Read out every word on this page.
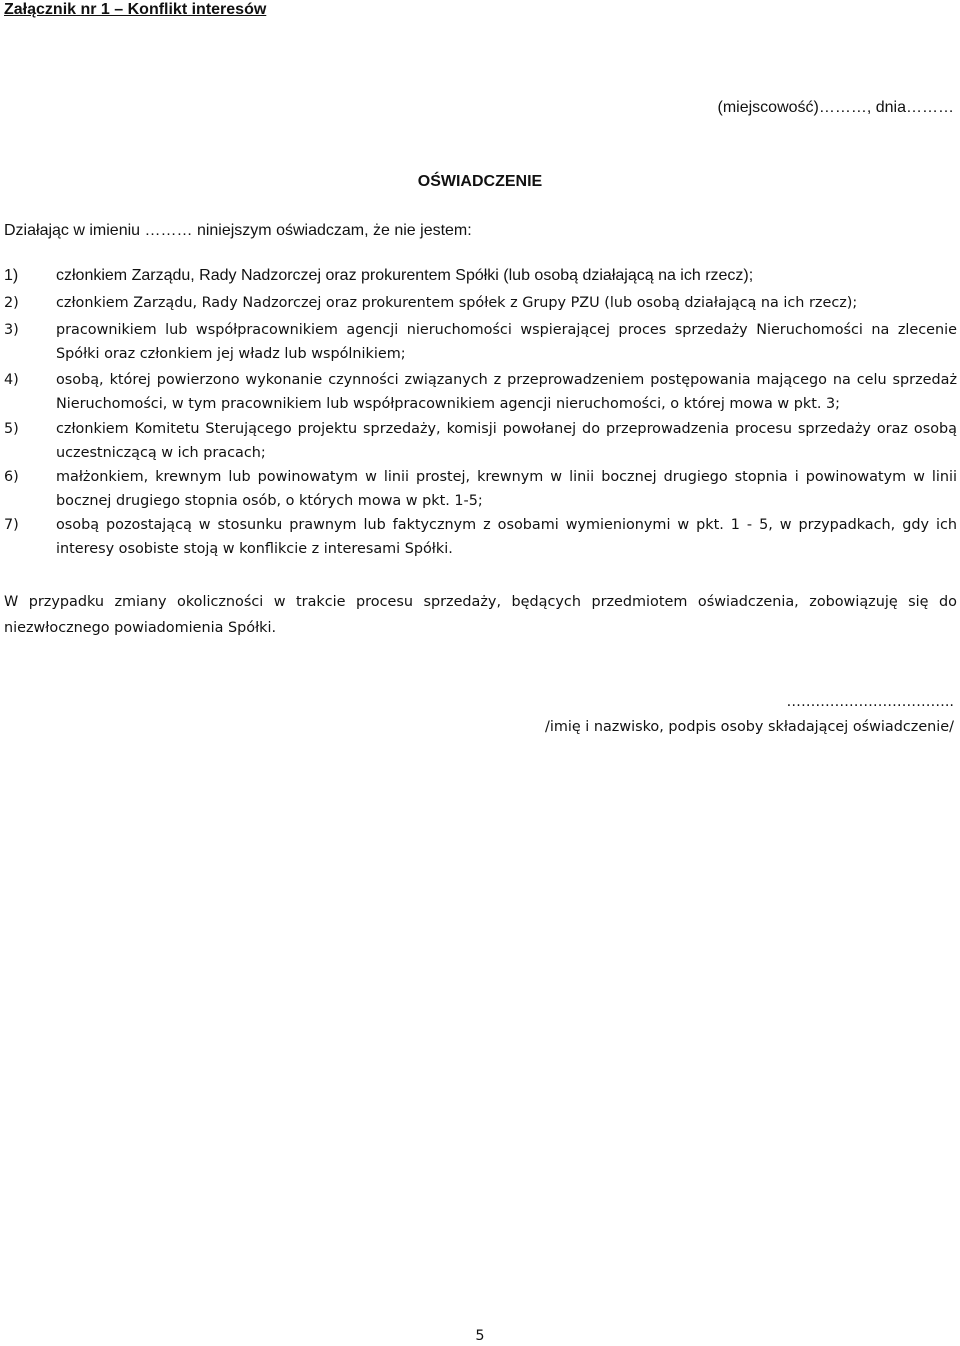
Załącznik nr 1 – Konflikt interesów
(miejscowość)………, dnia………
OŚWIADCZENIE
Działając w imieniu ……… niniejszym oświadczam, że nie jestem:
1) członkiem Zarządu, Rady Nadzorczej oraz prokurentem Spółki (lub osobą działającą na ich rzecz);
2)	członkiem Zarządu, Rady Nadzorczej oraz prokurentem spółek z Grupy PZU (lub osobą działającą na ich rzecz);
3)	pracownikiem lub współpracownikiem agencji nieruchomości wspierającej proces sprzedaży Nieruchomości na zlecenie Spółki oraz członkiem jej władz lub wspólnikiem;
4)	osobą, której powierzono wykonanie czynności związanych z przeprowadzeniem postępowania mającego na celu sprzedaż Nieruchomości, w tym pracownikiem lub współpracownikiem agencji nieruchomości, o której mowa w pkt. 3;
5)	członkiem Komitetu Sterującego projektu sprzedaży, komisji powołanej do przeprowadzenia procesu sprzedaży oraz osobą uczestniczącą w ich pracach;
6)	małżonkiem, krewnym lub powinowatym w linii prostej, krewnym w linii bocznej drugiego stopnia i powinowatym w linii bocznej drugiego stopnia osób, o których mowa w pkt. 1-5;
7)	osobą pozostającą w stosunku prawnym lub faktycznym z osobami wymienionymi w pkt. 1 - 5, w przypadkach, gdy ich interesy osobiste stoją w konflikcie z interesami Spółki.

W przypadku zmiany okoliczności w trakcie procesu sprzedaży, będących przedmiotem oświadczenia, zobowiązuję się do niezwłocznego powiadomienia Spółki.

……………………………..
/imię i nazwisko, podpis osoby składającej oświadczenie/
5
